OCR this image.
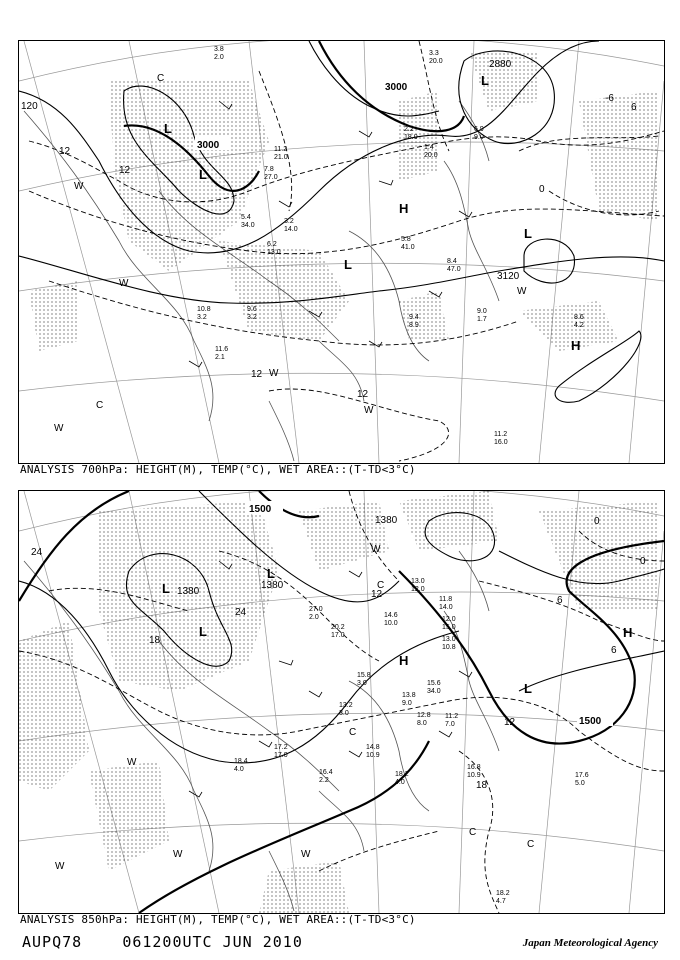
3000
3000
2880
3120
12
12
12
12
120	6
0
-6
L
L
L
L
L
H
H
C
C
W
W
W
W
W
W
3.8
2.0
3.3
20.0
2.2
18.0
1.4
20.0
11.2
21.0
7.8
27.0
5.4
34.0
3.2
14.0
6.2
13.0
5.8
41.0
8.4
47.0
9.6
3.2
10.8
3.2
11.6
2.1
8.6
4.2
9.0
1.7
11.2
16.0
9.4
8.9
6.9
9.0
ANALYSIS 700hPa: HEIGHT(M), TEMP(°C), WET AREA::(T-TD<3°C)
1500
1500
1380
1380
1380
24
24
18
12
12
0
0
6
6
18
L
L
L
L
H
H
C
C
C
C
W
W
W
W	W
13.0
12.0
11.8
14.0
12.0
15.0
13.0
10.8
15.6
34.0
13.8
9.0
12.8
8.0
11.2
7.0
15.8
3.0
13.2
3.0
14.6
10.0
14.8
10.9
16.8
10.9	17.6
5.0
18.2
4.7
16.4
2.2
17.2
17.0
18.4
4.0
18.2
4.0
27.0
2.0
20.2
17.0
ANALYSIS 850hPa: HEIGHT(M), TEMP(°C), WET AREA::(T-TD<3°C)
AUPQ78	061200UTC JUN 2010	Japan Meteorological Agency
